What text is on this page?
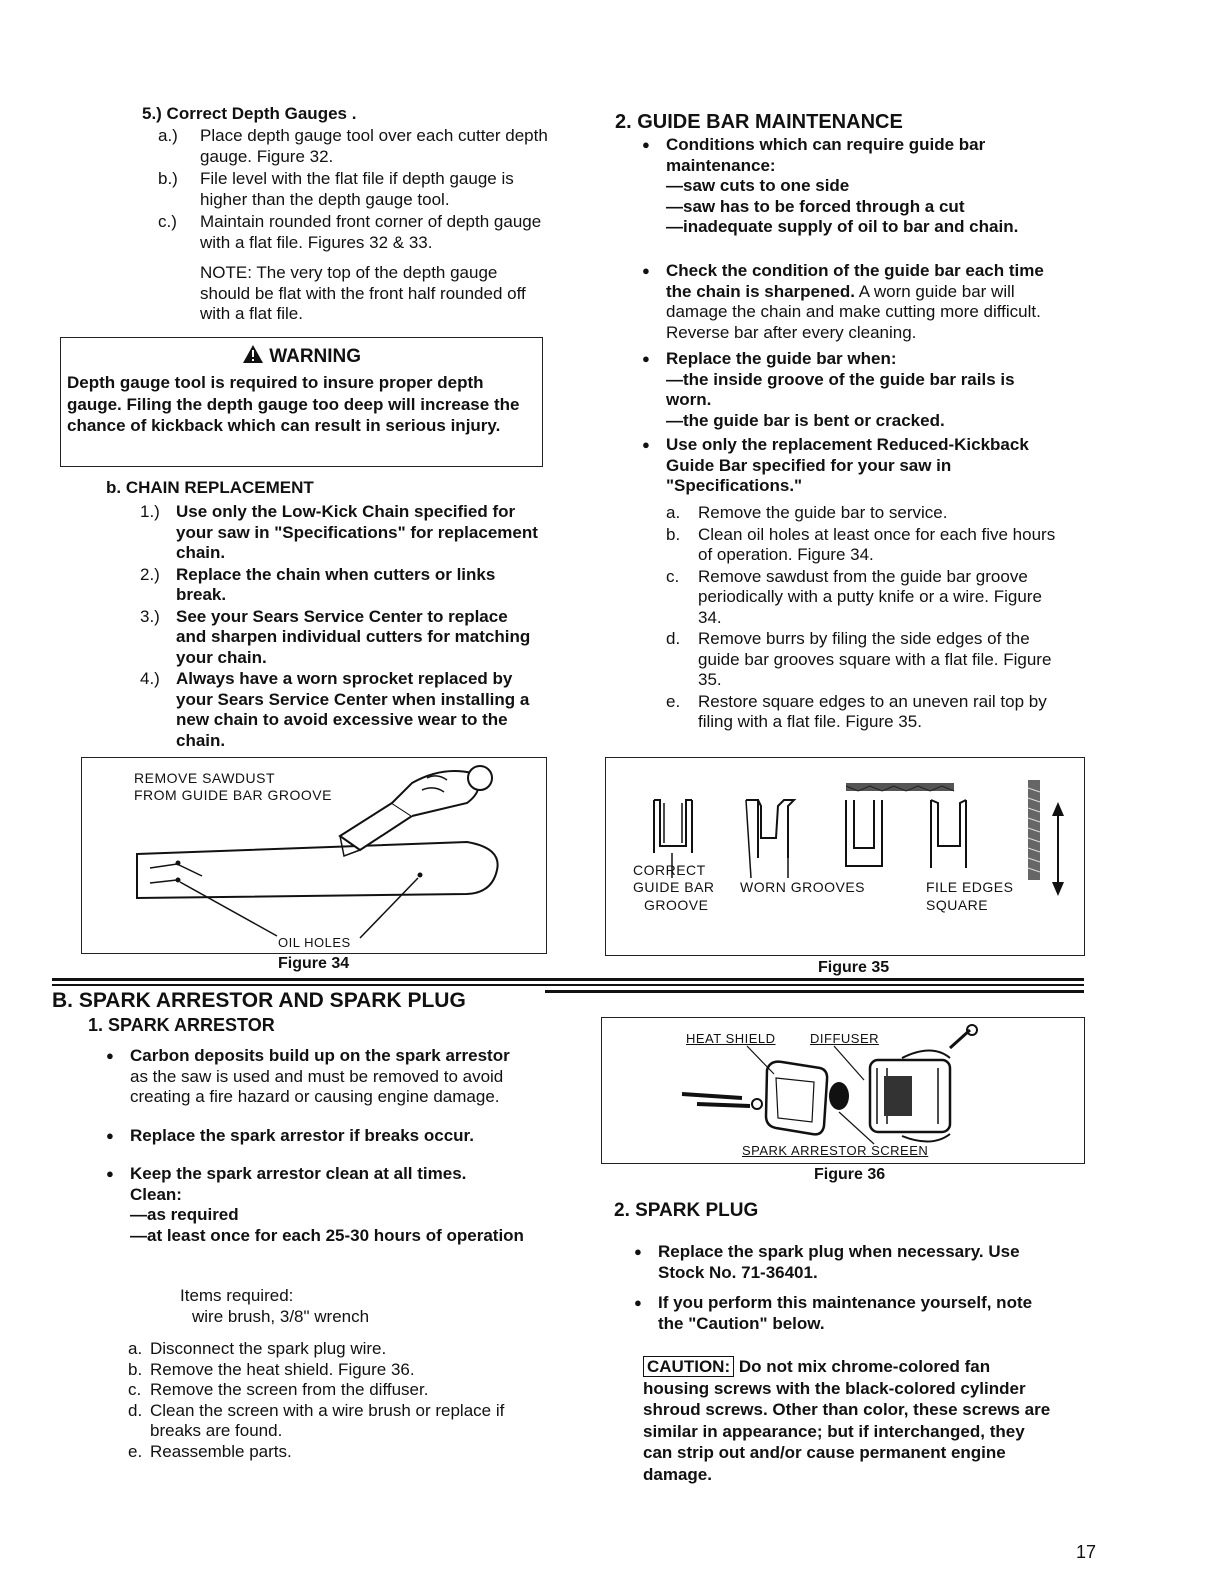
5.) Correct Depth Gauges .
a.) Place depth gauge tool over each cutter depth gauge. Figure 32.
b.) File level with the flat file if depth gauge is higher than the depth gauge tool.
c.) Maintain rounded front corner of depth gauge with a flat file. Figures 32 & 33.
NOTE: The very top of the depth gauge should be flat with the front half rounded off with a flat file.
WARNING
Depth gauge tool is required to insure proper depth gauge. Filing the depth gauge too deep will increase the chance of kickback which can result in serious injury.
b. CHAIN REPLACEMENT
1.) Use only the Low-Kick Chain specified for your saw in "Specifications" for replacement chain.
2.) Replace the chain when cutters or links break.
3.) See your Sears Service Center to replace and sharpen individual cutters for matching your chain.
4.) Always have a worn sprocket replaced by your Sears Service Center when installing a new chain to avoid excessive wear to the chain.
REMOVE SAWDUST
FROM GUIDE BAR GROOVE
OIL HOLES
Figure 34
2. GUIDE BAR MAINTENANCE
● Conditions which can require guide bar maintenance:
—saw cuts to one side
—saw has to be forced through a cut
—inadequate supply of oil to bar and chain.
● Check the condition of the guide bar each time the chain is sharpened. A worn guide bar will damage the chain and make cutting more difficult. Reverse bar after every cleaning.
● Replace the guide bar when:
—the inside groove of the guide bar rails is worn.
—the guide bar is bent or cracked.
● Use only the replacement Reduced-Kickback Guide Bar specified for your saw in "Specifications."
a. Remove the guide bar to service.
b. Clean oil holes at least once for each five hours of operation. Figure 34.
c. Remove sawdust from the guide bar groove periodically with a putty knife or a wire. Figure 34.
d. Remove burrs by filing the side edges of the guide bar grooves square with a flat file. Figure 35.
e. Restore square edges to an uneven rail top by filing with a flat file. Figure 35.
CORRECT
GUIDE BAR
GROOVE
WORN GROOVES	FILE EDGES
SQUARE
Figure 35
B. SPARK ARRESTOR AND SPARK PLUG
1. SPARK ARRESTOR
● Carbon deposits build up on the spark arrestor as the saw is used and must be removed to avoid creating a fire hazard or causing engine damage.
● Replace the spark arrestor if breaks occur.
● Keep the spark arrestor clean at all times.
Clean:
—as required
—at least once for each 25-30 hours of operation
Items required:
wire brush, 3/8" wrench
a. Disconnect the spark plug wire.
b. Remove the heat shield. Figure 36.
c. Remove the screen from the diffuser.
d. Clean the screen with a wire brush or replace if breaks are found.
e. Reassemble parts.
HEAT SHIELD	DIFFUSER
SPARK ARRESTOR SCREEN
Figure 36
2. SPARK PLUG
● Replace the spark plug when necessary. Use Stock No. 71-36401.
● If you perform this maintenance yourself, note the "Caution" below.
CAUTION: Do not mix chrome-colored fan housing screws with the black-colored cylinder shroud screws. Other than color, these screws are similar in appearance; but if interchanged, they can strip out and/or cause permanent engine damage.
17
